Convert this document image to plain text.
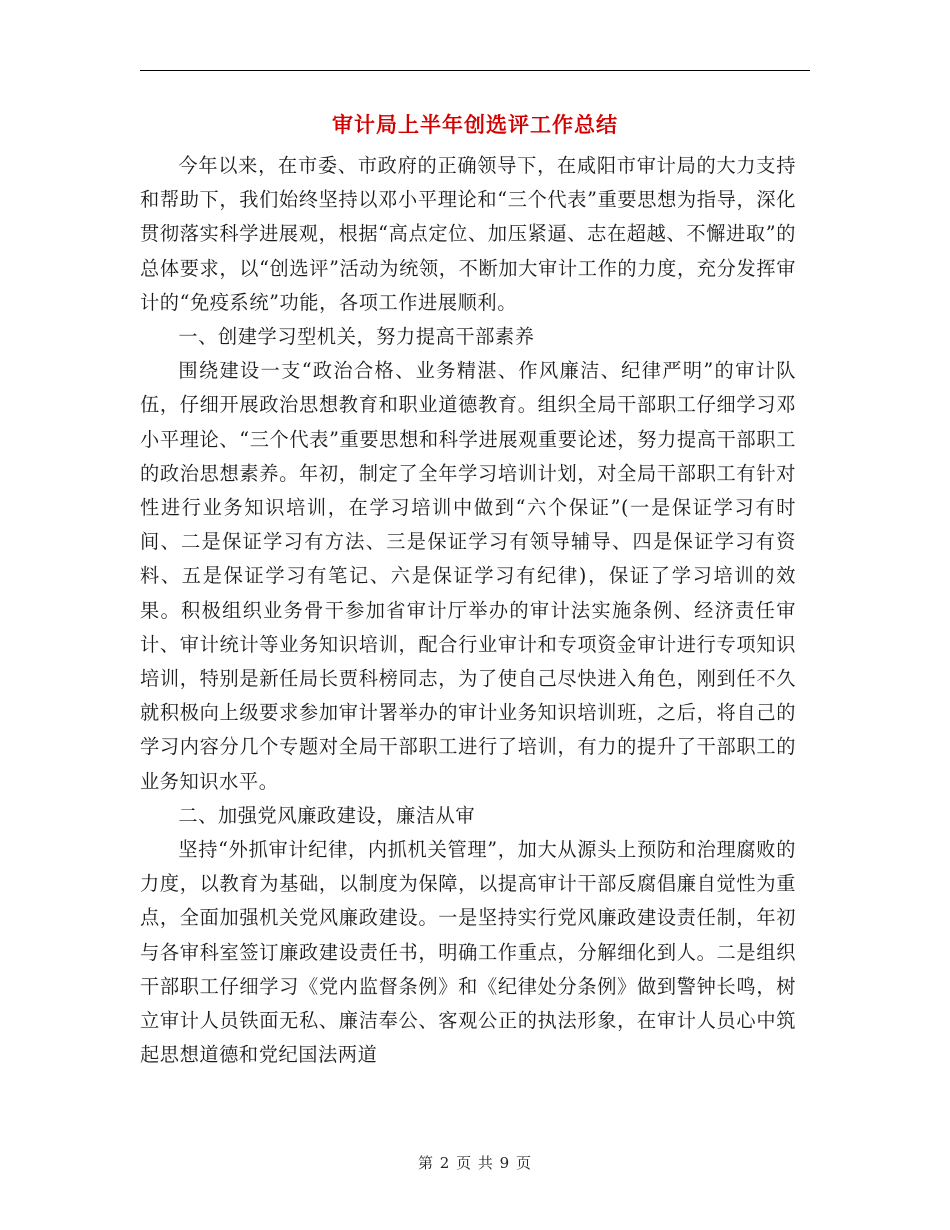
审计局上半年创选评工作总结

今年以来，在市委、市政府的正确领导下，在咸阳市审计局的大力支持和帮助下，我们始终坚持以邓小平理论和“三个代表”重要思想为指导，深化贯彻落实科学进展观，根据“高点定位、加压紧逼、志在超越、不懈进取”的总体要求，以“创选评”活动为统领，不断加大审计工作的力度，充分发挥审计的“免疫系统”功能，各项工作进展顺利。

一、创建学习型机关，努力提高干部素养

围绕建设一支“政治合格、业务精湛、作风廉洁、纪律严明”的审计队伍，仔细开展政治思想教育和职业道德教育。组织全局干部职工仔细学习邓小平理论、“三个代表”重要思想和科学进展观重要论述，努力提高干部职工的政治思想素养。年初，制定了全年学习培训计划，对全局干部职工有针对性进行业务知识培训，在学习培训中做到“六个保证”(一是保证学习有时间、二是保证学习有方法、三是保证学习有领导辅导、四是保证学习有资料、五是保证学习有笔记、六是保证学习有纪律)，保证了学习培训的效果。积极组织业务骨干参加省审计厅举办的审计法实施条例、经济责任审计、审计统计等业务知识培训，配合行业审计和专项资金审计进行专项知识培训，特别是新任局长贾科榜同志，为了使自己尽快进入角色，刚到任不久就积极向上级要求参加审计署举办的审计业务知识培训班，之后，将自己的学习内容分几个专题对全局干部职工进行了培训，有力的提升了干部职工的业务知识水平。

二、加强党风廉政建设，廉洁从审

坚持“外抓审计纪律，内抓机关管理”，加大从源头上预防和治理腐败的力度，以教育为基础，以制度为保障，以提高审计干部反腐倡廉自觉性为重点，全面加强机关党风廉政建设。一是坚持实行党风廉政建设责任制，年初与各审科室签订廉政建设责任书，明确工作重点，分解细化到人。二是组织干部职工仔细学习《党内监督条例》和《纪律处分条例》做到警钟长鸣，树立审计人员铁面无私、廉洁奉公、客观公正的执法形象，在审计人员心中筑起思想道德和党纪国法两道

第 2 页 共 9 页
